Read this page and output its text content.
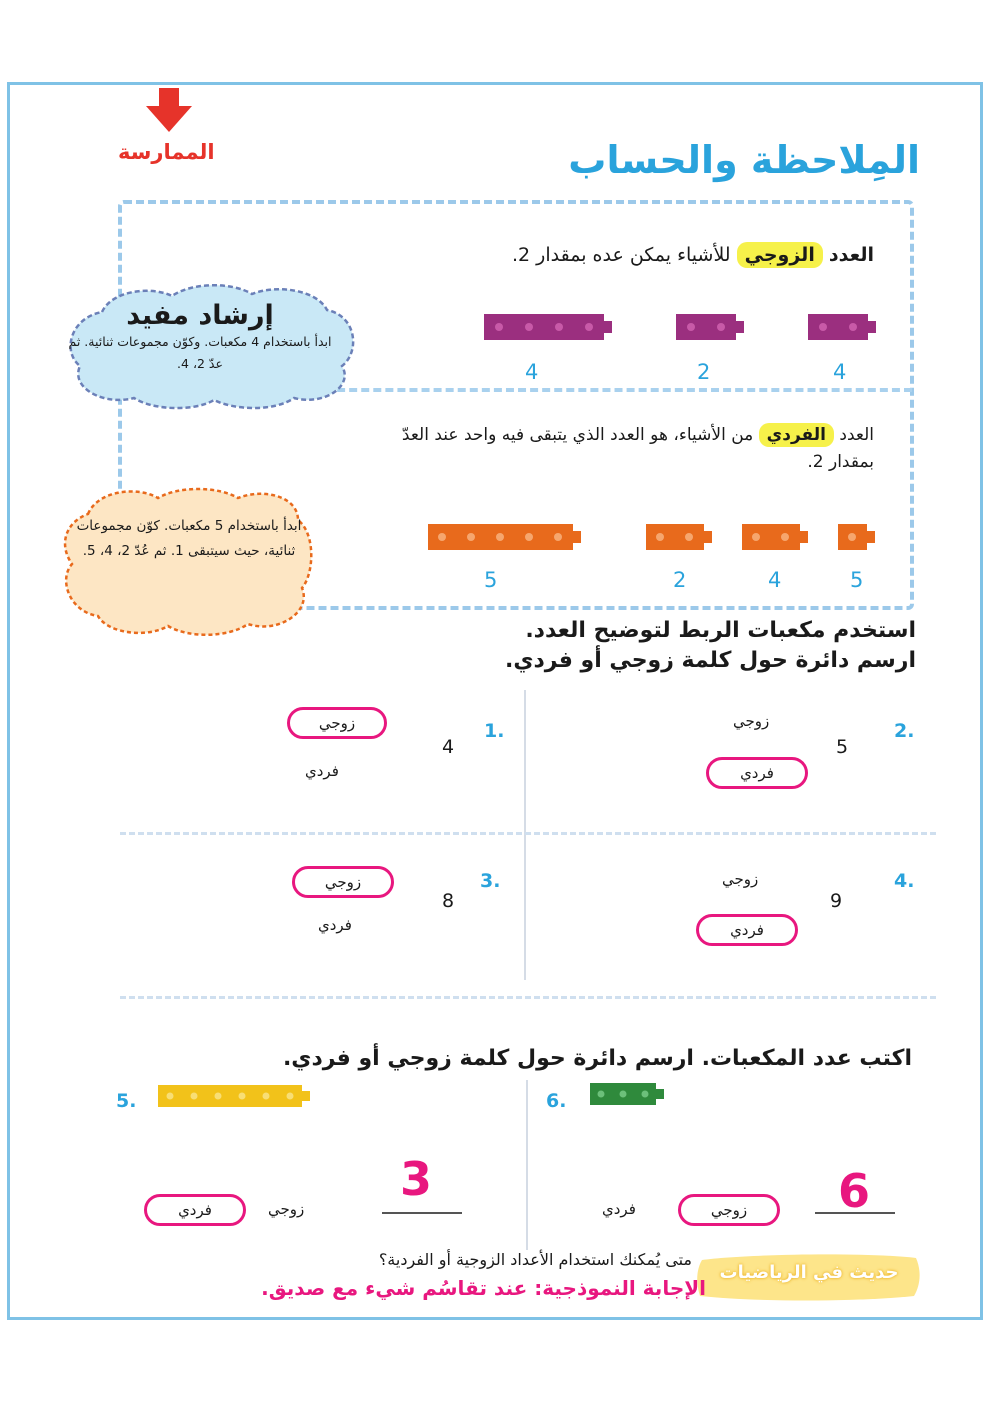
الممارسة	المِلاحظة والحساب
العدد الزوجي للأشياء يمكن عده بمقدار 2.
4	2	4
العدد الفردي من الأشياء، هو العدد الذي يتبقى فيه واحد عند العدّ بمقدار 2.
5	2	4	5
إرشاد مفيد
ابدأ باستخدام 4 مكعبات. وكوّن مجموعات ثنائية. ثم عدّ 2، 4.
ابدأ باستخدام 5 مكعبات. كوّن مجموعات ثنائية، حيث سيتبقى 1. ثم عُدّ 2، 4، 5.
استخدم مكعبات الربط لتوضيح العدد.
ارسم دائرة حول كلمة زوجي أو فردي.
1.
4
زوجي
فردي
2.
5
زوجي
فردي
3.
8
زوجي
فردي
4.
9
زوجي
فردي
اكتب عدد المكعبات. ارسم دائرة حول كلمة زوجي أو فردي.
5.
3
زوجي
فردي
6.
6
زوجي
فردي
حديث في الرياضيات
متى يُمكنك استخدام الأعداد الزوجية أو الفردية؟
الإجابة النموذجية: عند تقاسُم شيء مع صديق.
